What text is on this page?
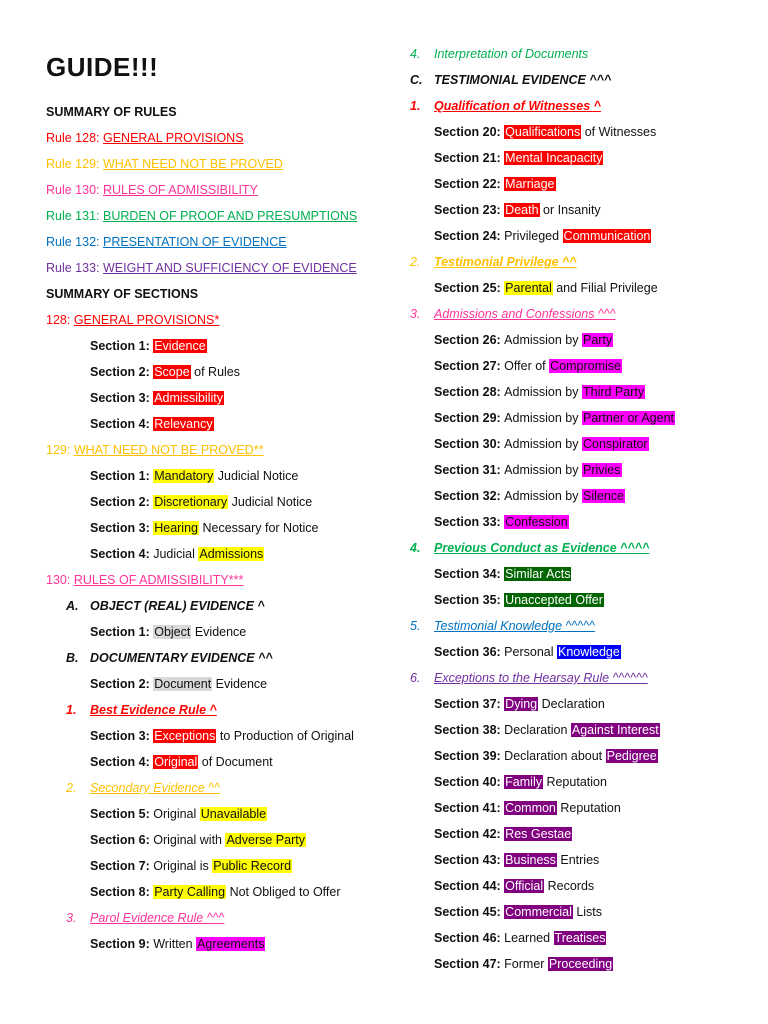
GUIDE!!!
SUMMARY OF RULES
Rule 128: GENERAL PROVISIONS
Rule 129: WHAT NEED NOT BE PROVED
Rule 130: RULES OF ADMISSIBILITY
Rule 131: BURDEN OF PROOF AND PRESUMPTIONS
Rule 132: PRESENTATION OF EVIDENCE
Rule 133: WEIGHT AND SUFFICIENCY OF EVIDENCE
SUMMARY OF SECTIONS
128: GENERAL PROVISIONS*
Section 1: Evidence
Section 2: Scope of Rules
Section 3: Admissibility
Section 4: Relevancy
129: WHAT NEED NOT BE PROVED**
Section 1: Mandatory Judicial Notice
Section 2: Discretionary Judicial Notice
Section 3: Hearing Necessary for Notice
Section 4: Judicial Admissions
130: RULES OF ADMISSIBILITY***
A. OBJECT (REAL) EVIDENCE ^
Section 1: Object Evidence
B. DOCUMENTARY EVIDENCE ^^
Section 2: Document Evidence
1. Best Evidence Rule ^
Section 3: Exceptions to Production of Original
Section 4: Original of Document
2. Secondary Evidence ^^
Section 5: Original Unavailable
Section 6: Original with Adverse Party
Section 7: Original is Public Record
Section 8: Party Calling Not Obliged to Offer
3. Parol Evidence Rule ^^^
Section 9: Written Agreements
4. Interpretation of Documents
C. TESTIMONIAL EVIDENCE ^^^
1. Qualification of Witnesses ^
Section 20: Qualifications of Witnesses
Section 21: Mental Incapacity
Section 22: Marriage
Section 23: Death or Insanity
Section 24: Privileged Communication
2. Testimonial Privilege ^^
Section 25: Parental and Filial Privilege
3. Admissions and Confessions ^^^
Section 26: Admission by Party
Section 27: Offer of Compromise
Section 28: Admission by Third Party
Section 29: Admission by Partner or Agent
Section 30: Admission by Conspirator
Section 31: Admission by Privies
Section 32: Admission by Silence
Section 33: Confession
4. Previous Conduct as Evidence ^^^^
Section 34: Similar Acts
Section 35: Unaccepted Offer
5. Testimonial Knowledge ^^^^^
Section 36: Personal Knowledge
6. Exceptions to the Hearsay Rule ^^^^^^
Section 37: Dying Declaration
Section 38: Declaration Against Interest
Section 39: Declaration about Pedigree
Section 40: Family Reputation
Section 41: Common Reputation
Section 42: Res Gestae
Section 43: Business Entries
Section 44: Official Records
Section 45: Commercial Lists
Section 46: Learned Treatises
Section 47: Former Proceeding
